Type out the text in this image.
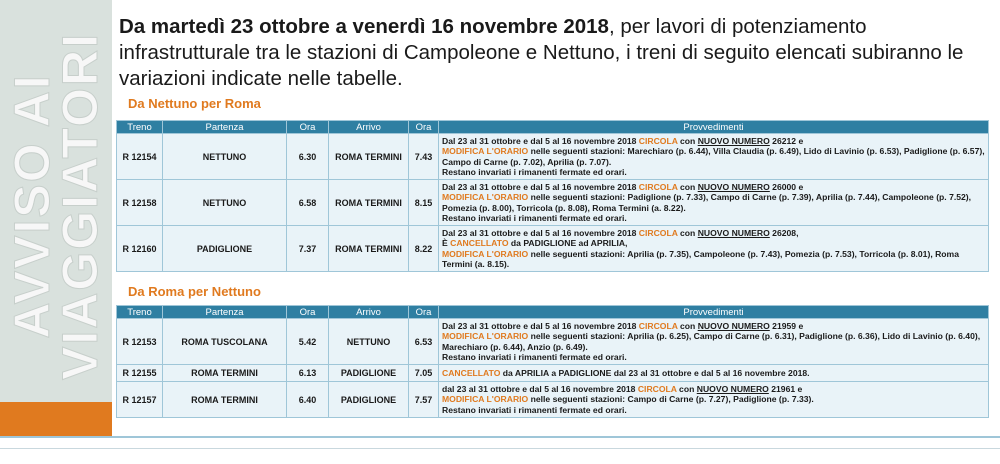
AVVISO AI
VIAGGIATORI

Da martedì 23 ottobre a venerdì 16 novembre 2018, per lavori di potenziamento infrastrutturale tra le stazioni di Campoleone e Nettuno, i treni di seguito elencati subiranno le variazioni indicate nelle tabelle.

Da Nettuno per Roma
Treno	Partenza	Ora	Arrivo	Ora	Provvedimenti
R 12154	NETTUNO	6.30	ROMA TERMINI	7.43	Dal 23 al 31 ottobre e dal 5 al 16 novembre 2018 CIRCOLA con NUOVO NUMERO 26212 e
MODIFICA L'ORARIO nelle seguenti stazioni: Marechiaro (p. 6.44), Villa Claudia (p. 6.49), Lido di Lavinio (p. 6.53), Padiglione (p. 6.57), Campo di Carne (p. 7.02), Aprilia (p. 7.07).
Restano invariati i rimanenti fermate ed orari.
R 12158	NETTUNO	6.58	ROMA TERMINI	8.15	Dal 23 al 31 ottobre e dal 5 al 16 novembre 2018 CIRCOLA con NUOVO NUMERO 26000 e
MODIFICA L'ORARIO nelle seguenti stazioni: Padiglione (p. 7.33), Campo di Carne (p. 7.39), Aprilia (p. 7.44), Campoleone (p. 7.52), Pomezia (p. 8.00), Torricola (p. 8.08), Roma Termini (a. 8.22).
Restano invariati i rimanenti fermate ed orari.
R 12160	PADIGLIONE	7.37	ROMA TERMINI	8.22	Dal 23 al 31 ottobre e dal 5 al 16 novembre 2018 CIRCOLA con NUOVO NUMERO 26208,
È CANCELLATO da PADIGLIONE ad APRILIA,
MODIFICA L'ORARIO nelle seguenti stazioni: Aprilia (p. 7.35), Campoleone (p. 7.43), Pomezia (p. 7.53), Torricola (p. 8.01), Roma Termini (a. 8.15).
Da Roma per Nettuno
Treno	Partenza	Ora	Arrivo	Ora	Provvedimenti
R 12153	ROMA TUSCOLANA	5.42	NETTUNO	6.53	Dal 23 al 31 ottobre e dal 5 al 16 novembre 2018 CIRCOLA con NUOVO NUMERO 21959 e
MODIFICA L'ORARIO nelle seguenti stazioni: Aprilia (p. 6.25), Campo di Carne (p. 6.31), Padiglione (p. 6.36), Lido di Lavinio (p. 6.40), Marechiaro (p. 6.44), Anzio (p. 6.49).
Restano invariati i rimanenti fermate ed orari.
R 12155	ROMA TERMINI	6.13	PADIGLIONE	7.05	CANCELLATO da APRILIA a PADIGLIONE dal 23 al 31 ottobre e dal 5 al 16 novembre 2018.
R 12157	ROMA TERMINI	6.40	PADIGLIONE	7.57	dal 23 al 31 ottobre e dal 5 al 16 novembre 2018 CIRCOLA con NUOVO NUMERO 21961 e
MODIFICA L'ORARIO nelle seguenti stazioni: Campo di Carne (p. 7.27), Padiglione (p. 7.33).
Restano invariati i rimanenti fermate ed orari.
